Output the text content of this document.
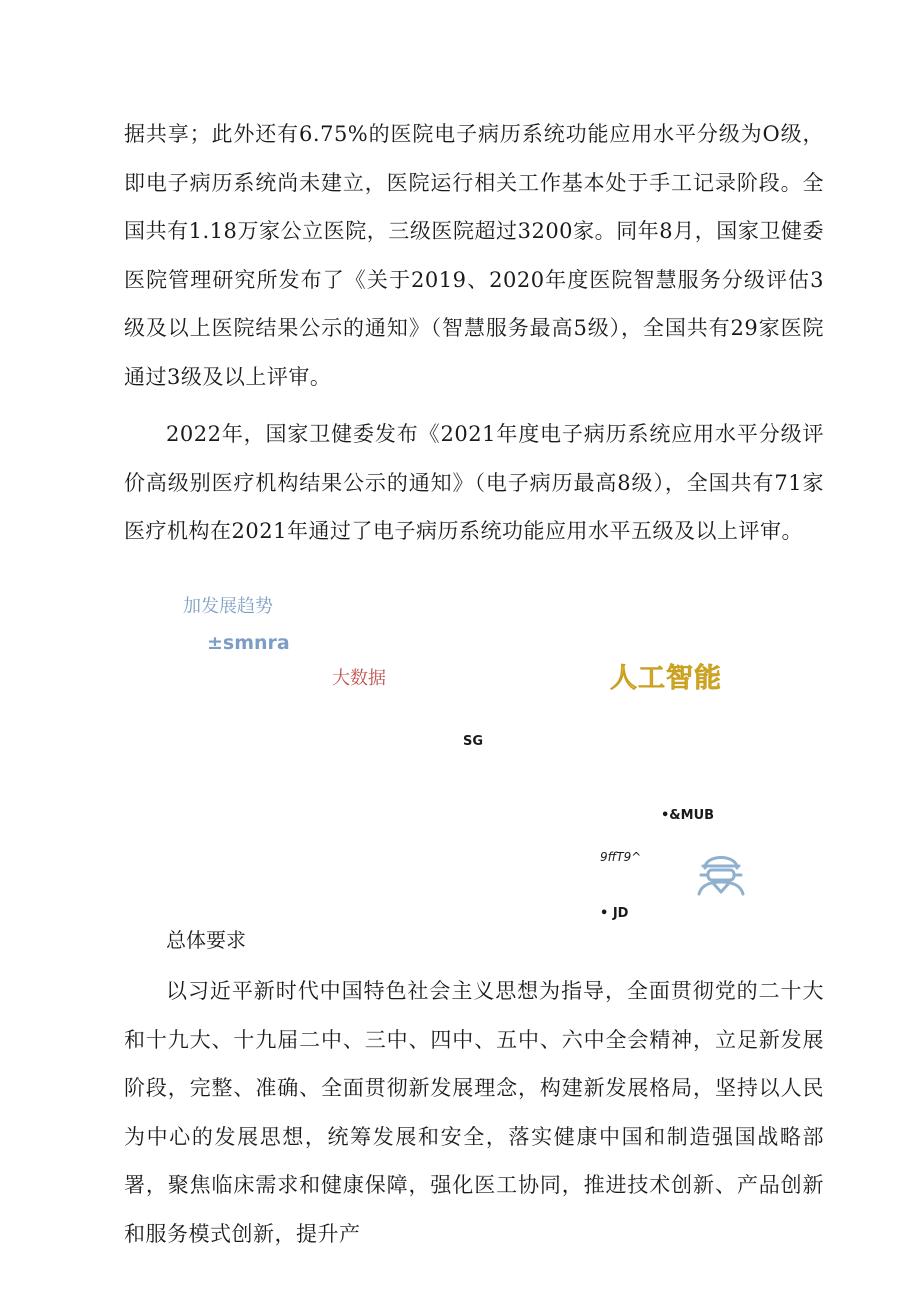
据共享；此外还有6.75%的医院电子病历系统功能应用水平分级为O级，即电子病历系统尚未建立，医院运行相关工作基本处于手工记录阶段。全国共有1.18万家公立医院，三级医院超过3200家。同年8月，国家卫健委医院管理研究所发布了《关于2019、2020年度医院智慧服务分级评估3级及以上医院结果公示的通知》（智慧服务最高5级），全国共有29家医院通过3级及以上评审。

2022年，国家卫健委发布《2021年度电子病历系统应用水平分级评价高级别医疗机构结果公示的通知》（电子病历最高8级），全国共有71家医疗机构在2021年通过了电子病历系统功能应用水平五级及以上评审。

加发展趋势
±smnra
大数据	人工智能
SG
•&MUB
9ffT9^
• JD

总体要求

以习近平新时代中国特色社会主义思想为指导，全面贯彻党的二十大和十九大、十九届二中、三中、四中、五中、六中全会精神，立足新发展阶段，完整、准确、全面贯彻新发展理念，构建新发展格局，坚持以人民为中心的发展思想，统筹发展和安全，落实健康中国和制造强国战略部署，聚焦临床需求和健康保障，强化医工协同，推进技术创新、产品创新和服务模式创新，提升产
